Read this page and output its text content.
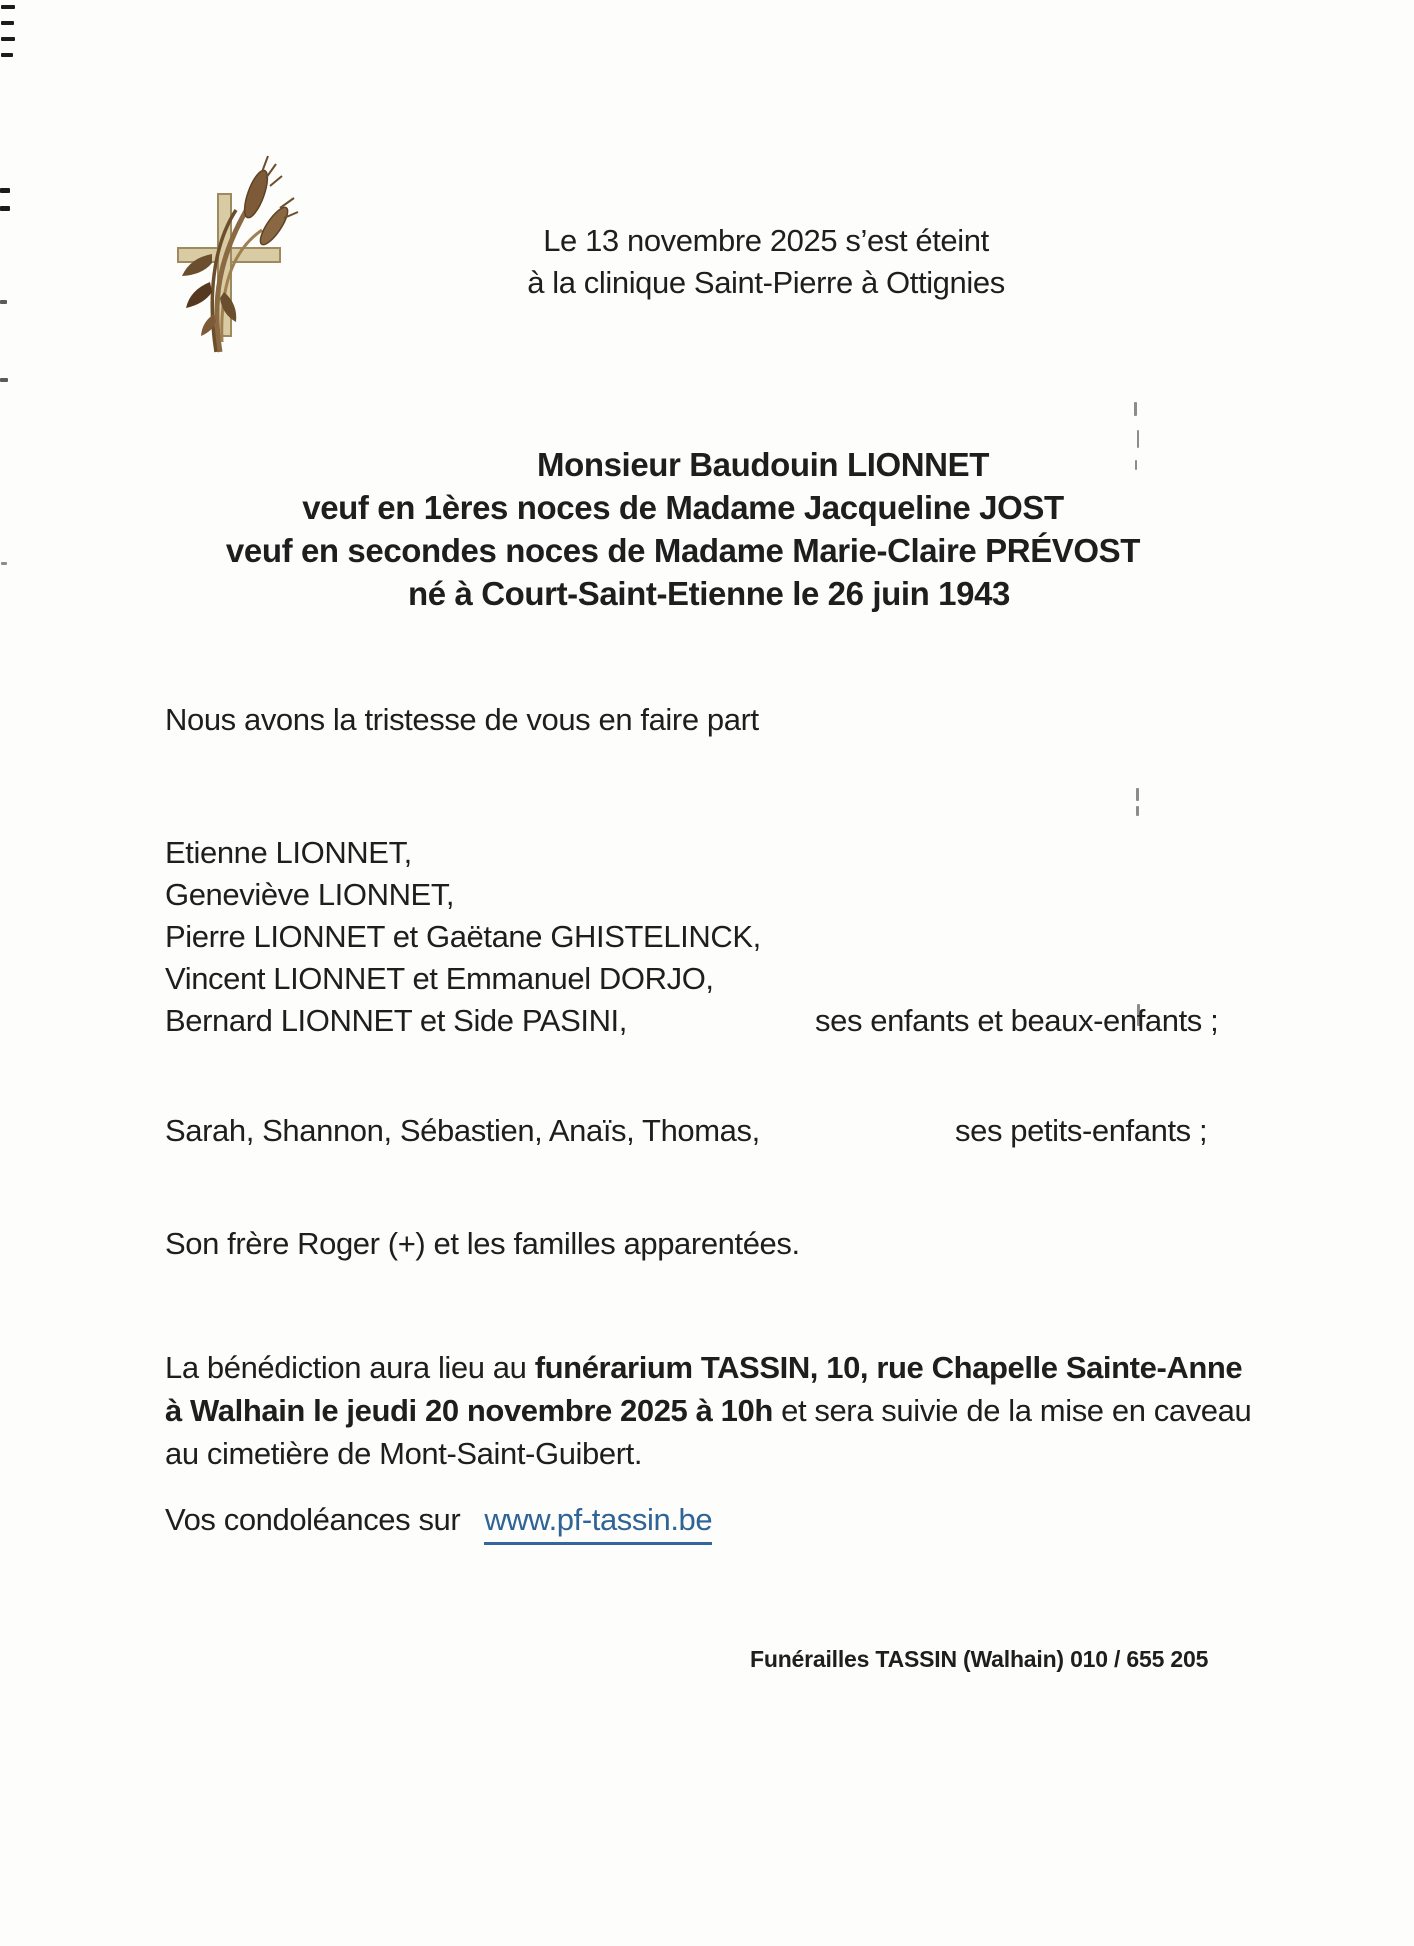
Le 13 novembre 2025 s’est éteint
à la clinique Saint-Pierre à Ottignies
Monsieur Baudouin LIONNET
veuf en 1ères noces de Madame Jacqueline JOST
veuf en secondes noces de Madame Marie-Claire PRÉVOST
né à Court-Saint-Etienne le 26 juin 1943
Nous avons la tristesse de vous en faire part
Etienne LIONNET,
Geneviève LIONNET,
Pierre LIONNET et Gaëtane GHISTELINCK,
Vincent LIONNET et Emmanuel DORJO,
Bernard LIONNET et Side PASINI,	ses enfants et beaux-enfants ;
Sarah, Shannon, Sébastien, Anaïs, Thomas,	ses petits-enfants ;
Son frère Roger (+) et les familles apparentées.
La bénédiction aura lieu au funérarium TASSIN, 10, rue Chapelle Sainte-Anne
à Walhain le jeudi 20 novembre 2025 à 10h et sera suivie de la mise en caveau
au cimetière de Mont-Saint-Guibert.
Vos condoléances sur www.pf-tassin.be
Funérailles TASSIN (Walhain) 010 / 655 205
